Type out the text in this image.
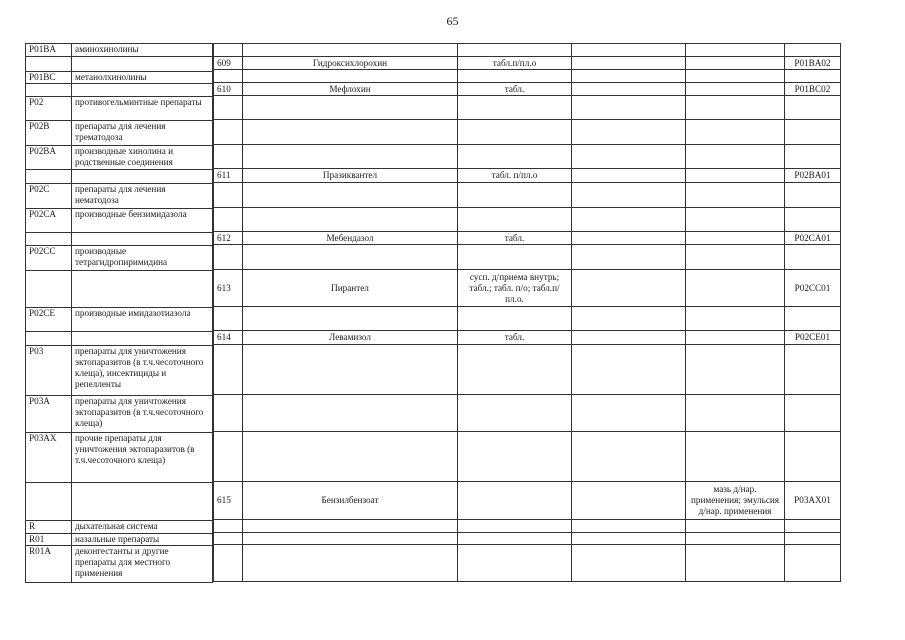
65
P01BA	аминохинолины

P01BC	метанолхинолины

P02	противогельминтные препараты
P02B	препараты для лечения трематодоза
P02BA	производные хинолина и родственные соединения

P02C	препараты для лечения нематодоза
P02CA	производные бензимидазола

P02CC	производные тетрагидропиримидина

P02CE	производные имидазотиазола

P03	препараты для уничтожения эктопаразитов (в т.ч.чесоточного клеща), инсектициды и репелленты
P03A	препараты для уничтожения эктопаразитов (в т.ч.чесоточного клеща)
P03AX	прочие препараты для уничтожения эктопаразитов (в т.ч.чесоточного клеща)

R	дыхательная система
R01	назальные препараты
R01A	деконгестанты и другие препараты для местного применения

609	Гидроксихлорохин	табл.п/пл.о			P01BA02

610	Мефлохин	табл.			P01BC02

611	Празиквантел	табл. п/пл.о			P02BA01

612	Мебендазол	табл.			P02CA01

613	Пирантел	сусп. д/приема внутрь; табл.; табл. п/о; табл.п/пл.о.			P02CC01

614	Левамизол	табл.			P02CE01

615	Бензилбензоат			мазь д/нар. применения; эмульсия д/нар. применения	P03AX01
